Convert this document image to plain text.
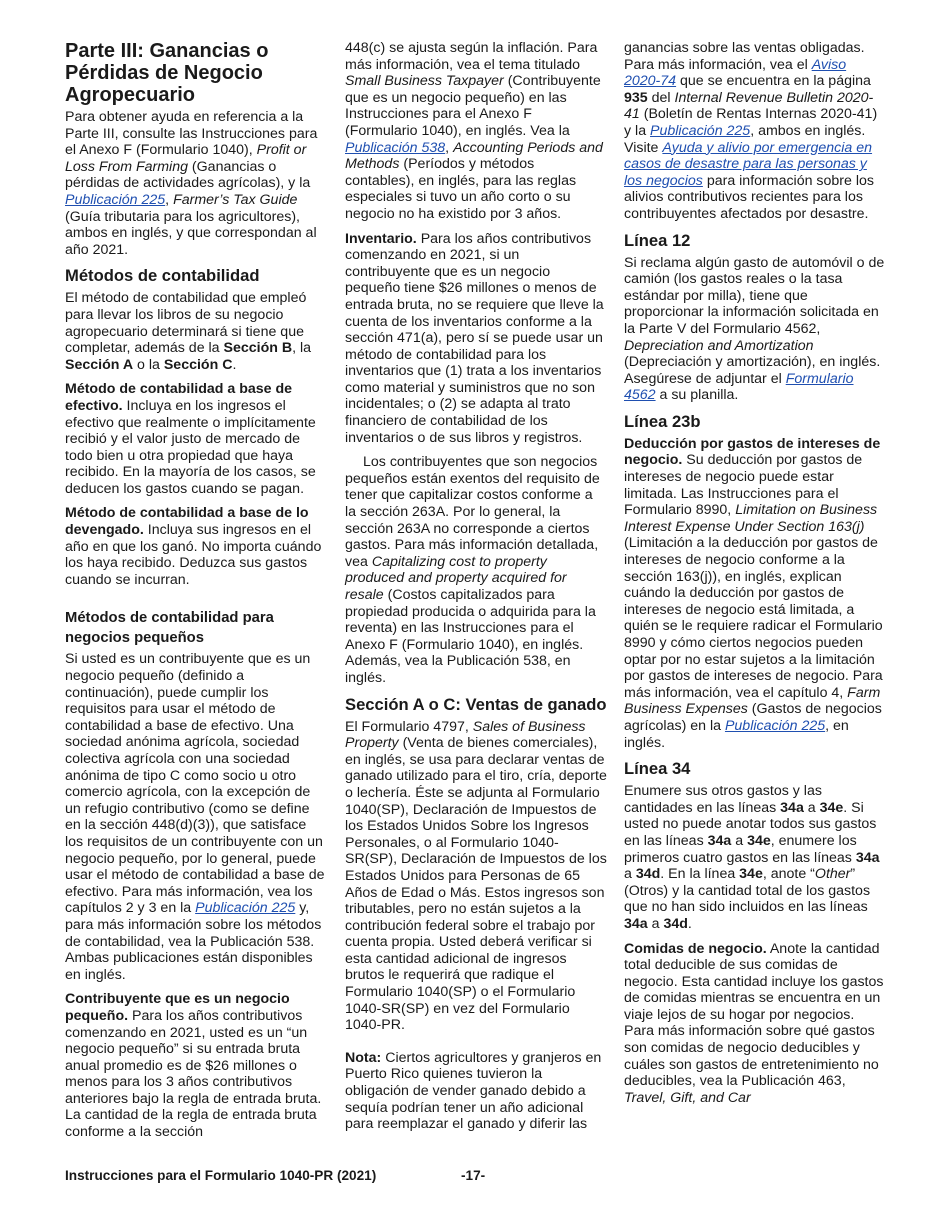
Parte III: Ganancias o Pérdidas de Negocio Agropecuario

Para obtener ayuda en referencia a la Parte III, consulte las Instrucciones para el Anexo F (Formulario 1040), Profit or Loss From Farming (Ganancias o pérdidas de actividades agrícolas), y la Publicación 225, Farmer’s Tax Guide (Guía tributaria para los agricultores), ambos en inglés, y que correspondan al año 2021.

Métodos de contabilidad

El método de contabilidad que empleó para llevar los libros de su negocio agropecuario determinará si tiene que completar, además de la Sección B, la Sección A o la Sección C.

Método de contabilidad a base de efectivo. Incluya en los ingresos el efectivo que realmente o implícitamente recibió y el valor justo de mercado de todo bien u otra propiedad que haya recibido. En la mayoría de los casos, se deducen los gastos cuando se pagan.

Método de contabilidad a base de lo devengado. Incluya sus ingresos en el año en que los ganó. No importa cuándo los haya recibido. Deduzca sus gastos cuando se incurran.

Métodos de contabilidad para negocios pequeños

Si usted es un contribuyente que es un negocio pequeño (definido a continuación), puede cumplir los requisitos para usar el método de contabilidad a base de efectivo. Una sociedad anónima agrícola, sociedad colectiva agrícola con una sociedad anónima de tipo C como socio u otro comercio agrícola, con la excepción de un refugio contributivo (como se define en la sección 448(d)(3)), que satisface los requisitos de un contribuyente con un negocio pequeño, por lo general, puede usar el método de contabilidad a base de efectivo. Para más información, vea los capítulos 2 y 3 en la Publicación 225 y, para más información sobre los métodos de contabilidad, vea la Publicación 538. Ambas publicaciones están disponibles en inglés.

Contribuyente que es un negocio pequeño. Para los años contributivos comenzando en 2021, usted es un “un negocio pequeño” si su entrada bruta anual promedio es de $26 millones o menos para los 3 años contributivos anteriores bajo la regla de entrada bruta. La cantidad de la regla de entrada bruta conforme a la sección

448(c) se ajusta según la inflación. Para más información, vea el tema titulado Small Business Taxpayer (Contribuyente que es un negocio pequeño) en las Instrucciones para el Anexo F (Formulario 1040), en inglés. Vea la Publicación 538, Accounting Periods and Methods (Períodos y métodos contables), en inglés, para las reglas especiales si tuvo un año corto o su negocio no ha existido por 3 años.

Inventario. Para los años contributivos comenzando en 2021, si un contribuyente que es un negocio pequeño tiene $26 millones o menos de entrada bruta, no se requiere que lleve la cuenta de los inventarios conforme a la sección 471(a), pero sí se puede usar un método de contabilidad para los inventarios que (1) trata a los inventarios como material y suministros que no son incidentales; o (2) se adapta al trato financiero de contabilidad de los inventarios o de sus libros y registros.

Los contribuyentes que son negocios pequeños están exentos del requisito de tener que capitalizar costos conforme a la sección 263A. Por lo general, la sección 263A no corresponde a ciertos gastos. Para más información detallada, vea Capitalizing cost to property produced and property acquired for resale (Costos capitalizados para propiedad producida o adquirida para la reventa) en las Instrucciones para el Anexo F (Formulario 1040), en inglés. Además, vea la Publicación 538, en inglés.

Sección A o C: Ventas de ganado

El Formulario 4797, Sales of Business Property (Venta de bienes comerciales), en inglés, se usa para declarar ventas de ganado utilizado para el tiro, cría, deporte o lechería. Éste se adjunta al Formulario 1040(SP), Declaración de Impuestos de los Estados Unidos Sobre los Ingresos Personales, o al Formulario 1040-SR(SP), Declaración de Impuestos de los Estados Unidos para Personas de 65 Años de Edad o Más. Estos ingresos son tributables, pero no están sujetos a la contribución federal sobre el trabajo por cuenta propia. Usted deberá verificar si esta cantidad adicional de ingresos brutos le requerirá que radique el Formulario 1040(SP) o el Formulario 1040-SR(SP) en vez del Formulario 1040-PR.

Nota: Ciertos agricultores y granjeros en Puerto Rico quienes tuvieron la obligación de vender ganado debido a sequía podrían tener un año adicional para reemplazar el ganado y diferir las

ganancias sobre las ventas obligadas. Para más información, vea el Aviso 2020-74 que se encuentra en la página 935 del Internal Revenue Bulletin 2020-41 (Boletín de Rentas Internas 2020-41) y la Publicación 225, ambos en inglés. Visite Ayuda y alivio por emergencia en casos de desastre para las personas y los negocios para información sobre los alivios contributivos recientes para los contribuyentes afectados por desastre.

Línea 12

Si reclama algún gasto de automóvil o de camión (los gastos reales o la tasa estándar por milla), tiene que proporcionar la información solicitada en la Parte V del Formulario 4562, Depreciation and Amortization (Depreciación y amortización), en inglés. Asegúrese de adjuntar el Formulario 4562 a su planilla.

Línea 23b

Deducción por gastos de intereses de negocio. Su deducción por gastos de intereses de negocio puede estar limitada. Las Instrucciones para el Formulario 8990, Limitation on Business Interest Expense Under Section 163(j) (Limitación a la deducción por gastos de intereses de negocio conforme a la sección 163(j)), en inglés, explican cuándo la deducción por gastos de intereses de negocio está limitada, a quién se le requiere radicar el Formulario 8990 y cómo ciertos negocios pueden optar por no estar sujetos a la limitación por gastos de intereses de negocio. Para más información, vea el capítulo 4, Farm Business Expenses (Gastos de negocios agrícolas) en la Publicación 225, en inglés.

Línea 34

Enumere sus otros gastos y las cantidades en las líneas 34a a 34e. Si usted no puede anotar todos sus gastos en las líneas 34a a 34e, enumere los primeros cuatro gastos en las líneas 34a a 34d. En la línea 34e, anote “Other” (Otros) y la cantidad total de los gastos que no han sido incluidos en las líneas 34a a 34d.

Comidas de negocio. Anote la cantidad total deducible de sus comidas de negocio. Esta cantidad incluye los gastos de comidas mientras se encuentra en un viaje lejos de su hogar por negocios. Para más información sobre qué gastos son comidas de negocio deducibles y cuáles son gastos de entretenimiento no deducibles, vea la Publicación 463, Travel, Gift, and Car

Instrucciones para el Formulario 1040-PR (2021)	-17-
